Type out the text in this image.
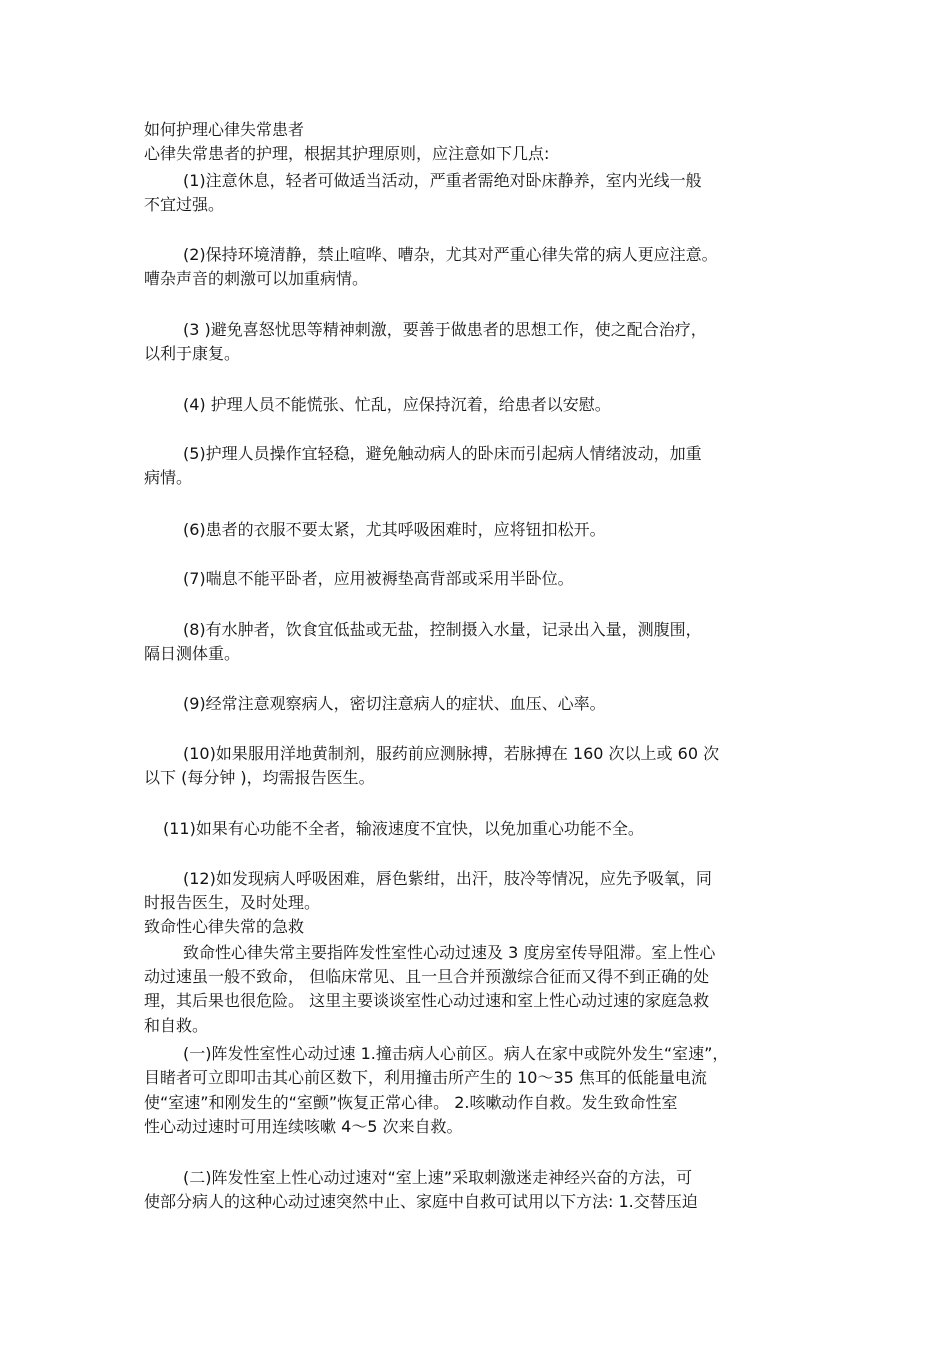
如何护理心律失常患者

心律失常患者的护理，根据其护理原则，应注意如下几点:

(1)注意休息，轻者可做适当活动，严重者需绝对卧床静养，室内光线一般

不宜过强。

(2)保持环境清静，禁止喧哗、嘈杂，尤其对严重心律失常的病人更应注意。

嘈杂声音的刺激可以加重病情。

(3 )避免喜怒忧思等精神刺激，要善于做患者的思想工作，使之配合治疗，

以利于康复。

(4) 护理人员不能慌张、忙乱，应保持沉着，给患者以安慰。

(5)护理人员操作宜轻稳，避免触动病人的卧床而引起病人情绪波动，加重

病情。

(6)患者的衣服不要太紧，尤其呼吸困难时，应将钮扣松开。

(7)喘息不能平卧者，应用被褥垫高背部或采用半卧位。

(8)有水肿者，饮食宜低盐或无盐，控制摄入水量，记录出入量，测腹围，

隔日测体重。

(9)经常注意观察病人，密切注意病人的症状、血压、心率。

(10)如果服用洋地黄制剂，服药前应测脉搏，若脉搏在 160 次以上或 60 次

以下 (每分钟 )，均需报告医生。

(11)如果有心功能不全者，输液速度不宜快，以免加重心功能不全。

(12)如发现病人呼吸困难，唇色紫绀，出汗，肢冷等情况，应先予吸氧，同

时报告医生，及时处理。

致命性心律失常的急救

致命性心律失常主要指阵发性室性心动过速及 3 度房室传导阻滞。室上性心

动过速虽一般不致命， 但临床常见、且一旦合并预激综合征而又得不到正确的处

理，其后果也很危险。 这里主要谈谈室性心动过速和室上性心动过速的家庭急救

和自救。

(一)阵发性室性心动过速 1.撞击病人心前区。病人在家中或院外发生“室速”，

目睹者可立即叩击其心前区数下，利用撞击所产生的 10～35 焦耳的低能量电流

使“室速”和刚发生的“室颤”恢复正常心律。 2.咳嗽动作自救。发生致命性室

性心动过速时可用连续咳嗽 4～5 次来自救。

(二)阵发性室上性心动过速对“室上速”采取刺激迷走神经兴奋的方法，可

使部分病人的这种心动过速突然中止、家庭中自救可试用以下方法: 1.交替压迫
